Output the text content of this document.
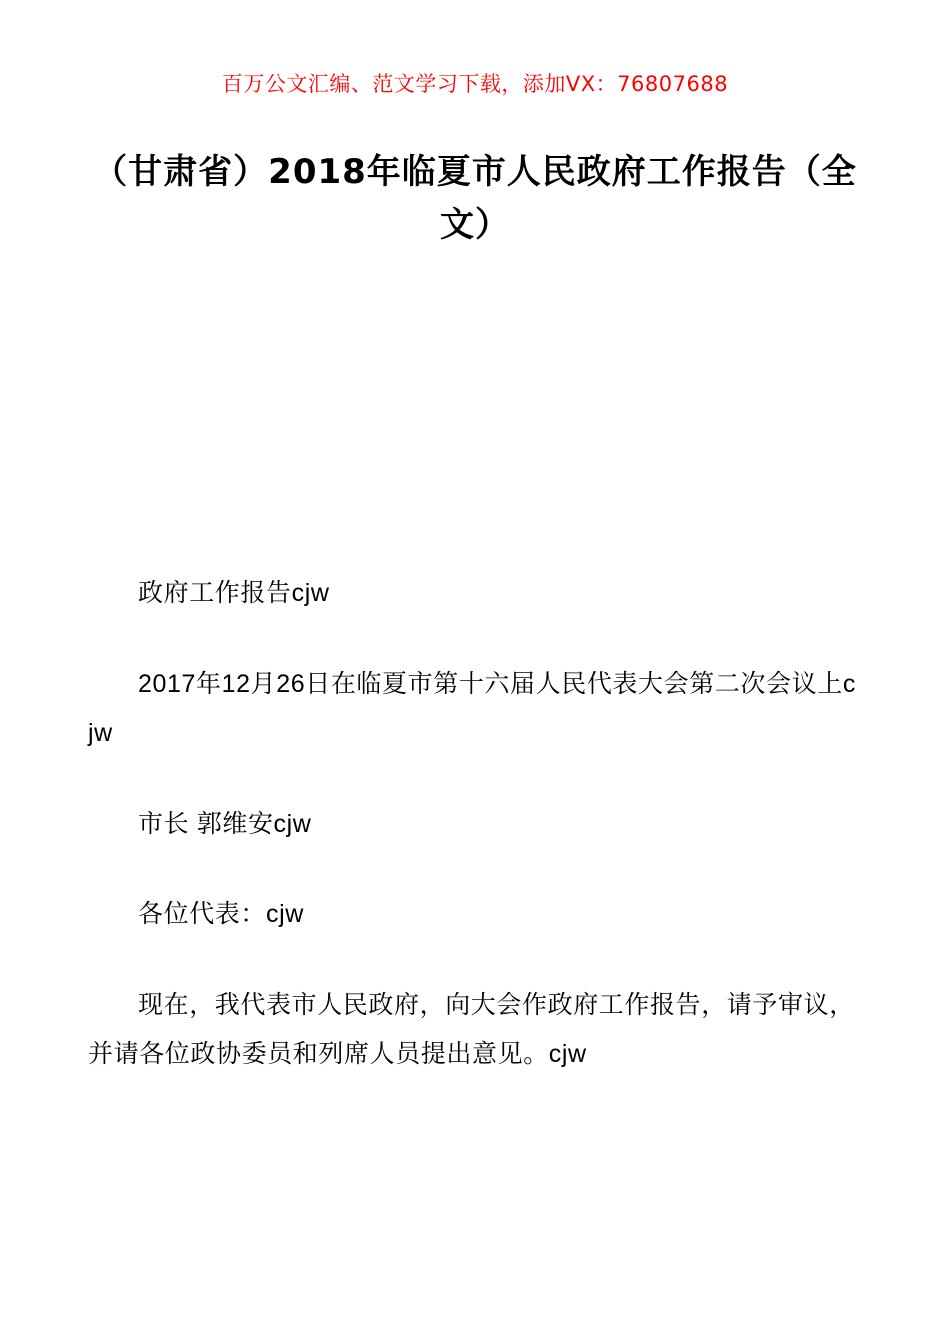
百万公文汇编、范文学习下载，添加VX：76807688
（甘肃省）2018年临夏市人民政府工作报告（全文）

政府工作报告cjw

2017年12月26日在临夏市第十六届人民代表大会第二次会议上cjw

市长 郭维安cjw

各位代表：cjw

现在，我代表市人民政府，向大会作政府工作报告，请予审议，并请各位政协委员和列席人员提出意见。cjw
